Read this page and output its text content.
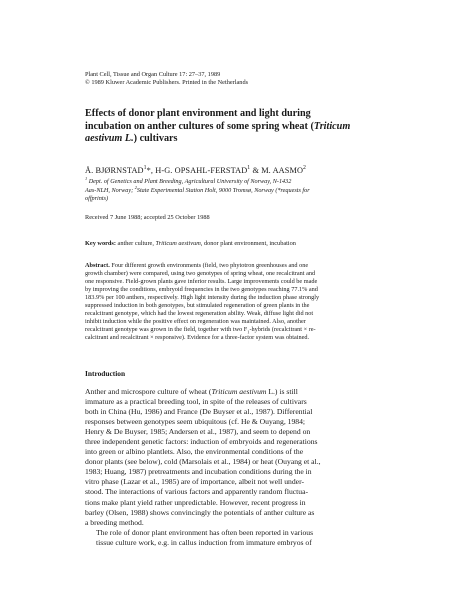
Plant Cell, Tissue and Organ Culture 17: 27–37, 1989
© 1989 Kluwer Academic Publishers. Printed in the Netherlands
Effects of donor plant environment and light during
incubation on anther cultures of some spring wheat (Triticum
aestivum L.) cultivars
Å. BJØRNSTAD$^1$*, H-G. OPSAHL-FERSTAD$^1$ & M. AASMO$^2$
$^1$ Dept. of Genetics and Plant Breeding, Agricultural University of Norway, N-1432
Aas-NLH, Norway; $^2$State Experimental Station Holt, 9000 Tromsø, Norway (*requests for
offprints)
Received 7 June 1988; accepted 25 October 1988
Key words: anther culture, Triticum aestivum, donor plant environment, incubation
Abstract. Four different growth environments (field, two phytotron greenhouses and one
growth chamber) were compared, using two genotypes of spring wheat, one recalcitrant and
one responsive. Field-grown plants gave inferior results. Large improvements could be made
by improving the conditions, embryoid frequencies in the two genotypes reaching 77.1% and
183.9% per 100 anthers, respectively. High light intensity during the induction phase strongly
suppressed induction in both genotypes, but stimulated regeneration of green plants in the
recalcitrant genotype, which had the lowest regeneration ability. Weak, diffuse light did not
inhibit induction while the positive effect on regeneration was maintained. Also, another
recalcitrant genotype was grown in the field, together with two $F_1$-hybrids (recalcitrant × re-
calcitrant and recalcitrant × responsive). Evidence for a three-factor system was obtained.
Introduction

Anther and microspore culture of wheat (Triticum aestivum L.) is still
immature as a practical breeding tool, in spite of the releases of cultivars
both in China (Hu, 1986) and France (De Buyser et al., 1987). Differential
responses between genotypes seem ubiquitous (cf. He & Ouyang, 1984;
Henry & De Buyser, 1985; Andersen et al., 1987), and seem to depend on
three independent genetic factors: induction of embryoids and regenerations
into green or albino plantlets. Also, the environmental conditions of the
donor plants (see below), cold (Marsolais et al., 1984) or heat (Ouyang et al.,
1983; Huang, 1987) pretreatments and incubation conditions during the in
vitro phase (Lazar et al., 1985) are of importance, albeit not well under-
stood. The interactions of various factors and apparently random fluctua-
tions make plant yield rather unpredictable. However, recent progress in
barley (Olsen, 1988) shows convincingly the potentials of anther culture as
a breeding method.

The role of donor plant environment has often been reported in various
tissue culture work, e.g. in callus induction from immature embryos of
